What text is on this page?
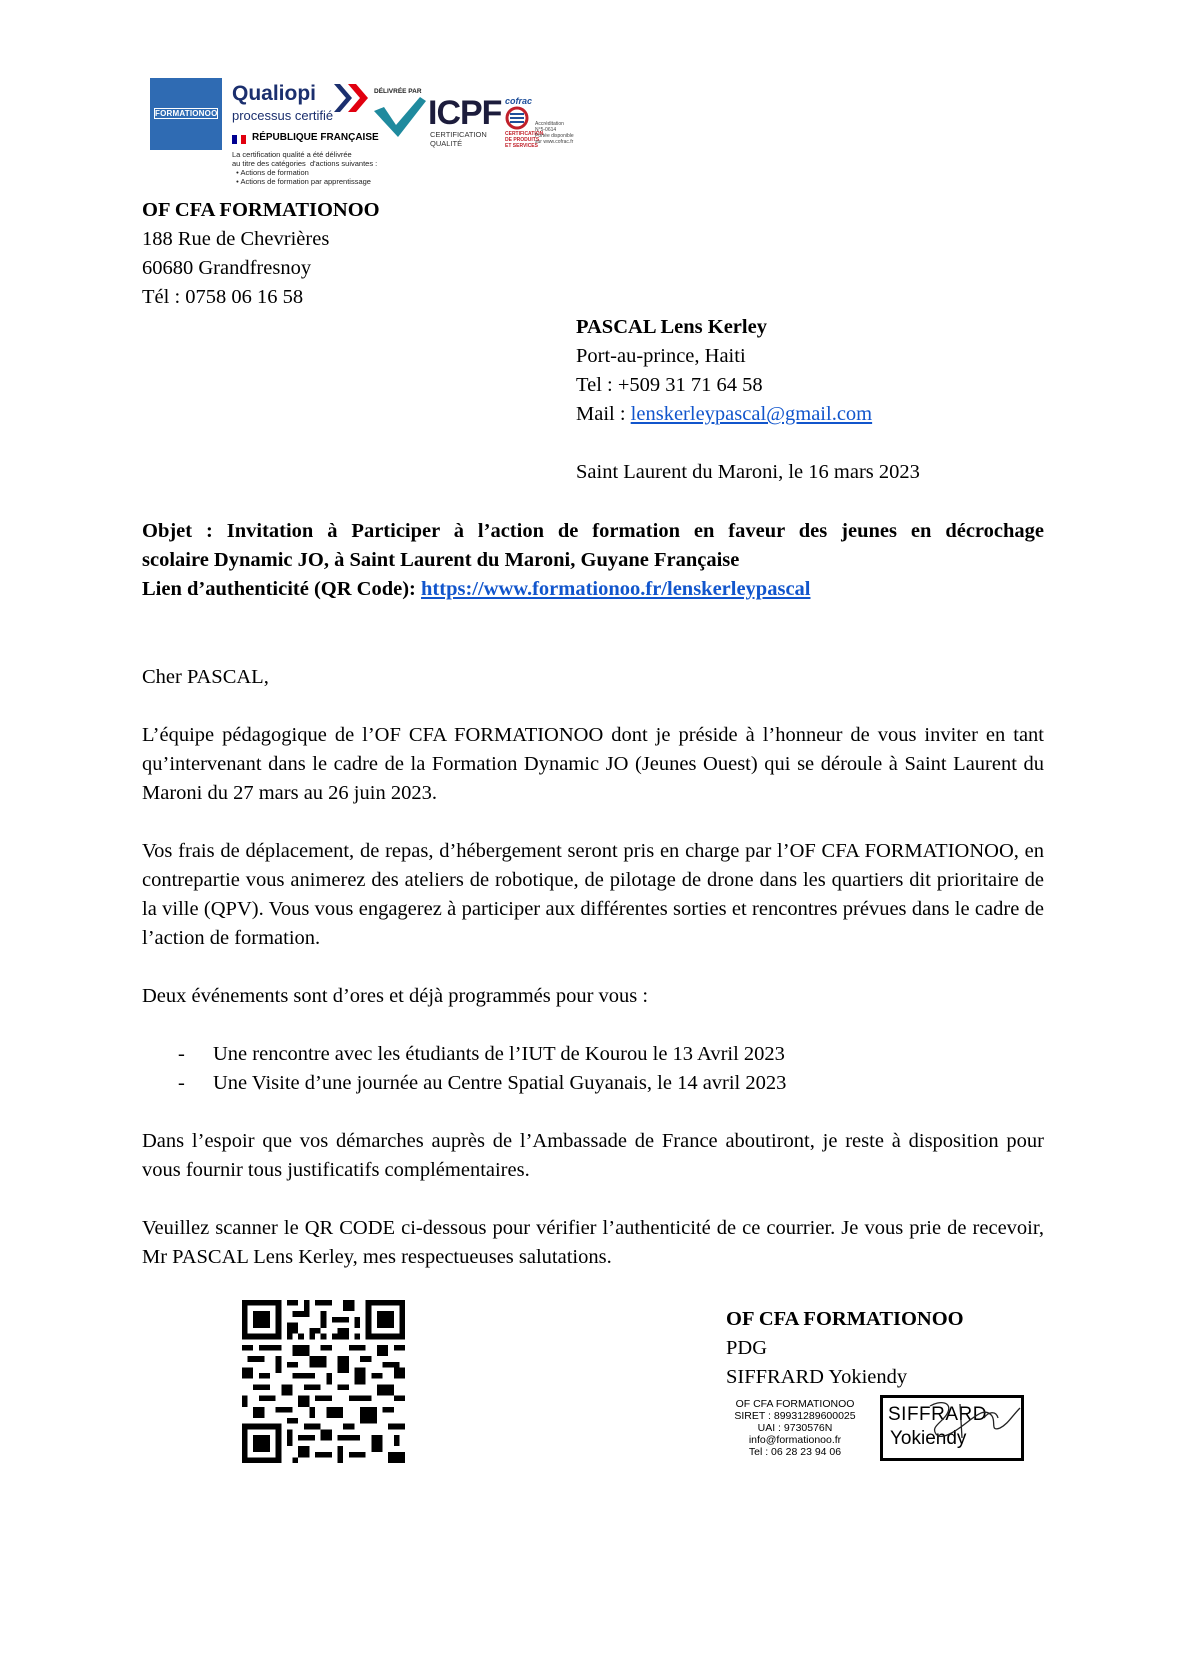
FORMATIONOO
Qualiopi
processus certifié
RÉPUBLIQUE FRANÇAISE
La certification qualité a été délivrée
au titre des catégories  d'actions suivantes :
• Actions de formation
• Actions de formation par apprentissage
DÉLIVRÉE PAR
ICPF
CERTIFICATION
QUALITÉ
cofrac
CERTIFICATION
DE PRODUITS
ET SERVICES
Accréditation
N°5-0614
Portée disponible
sur www.cofrac.fr
OF CFA FORMATIONOO
188 Rue de Chevrières
60680 Grandfresnoy
Tél : 0758 06 16 58
PASCAL Lens Kerley
Port-au-prince, Haiti
Tel : +509 31 71 64 58
Mail : lenskerleypascal@gmail.com
Saint Laurent du Maroni, le 16 mars 2023
Objet : Invitation à Participer à l’action de formation en faveur des jeunes en décrochage
scolaire Dynamic JO, à Saint Laurent du Maroni, Guyane Française
Lien d’authenticité (QR Code): https://www.formationoo.fr/lenskerleypascal
Cher PASCAL,
L’équipe pédagogique de l’OF CFA FORMATIONOO dont je préside à l’honneur de vous inviter en tant qu’intervenant dans le cadre de la Formation Dynamic JO (Jeunes Ouest) qui se déroule à Saint Laurent du Maroni du 27 mars au 26 juin 2023.
Vos frais de déplacement, de repas, d’hébergement seront pris en charge par l’OF CFA FORMATIONOO, en contrepartie vous animerez des ateliers de robotique, de pilotage de drone dans les quartiers dit prioritaire de la ville (QPV). Vous vous engagerez à participer aux différentes sorties et rencontres prévues dans le cadre de l’action de formation.
Deux événements sont d’ores et déjà programmés pour vous :
- Une rencontre avec les étudiants de l’IUT de Kourou le 13 Avril 2023
- Une Visite d’une journée au Centre Spatial Guyanais, le 14 avril 2023
Dans l’espoir que vos démarches auprès de l’Ambassade de France aboutiront, je reste à disposition pour vous fournir tous justificatifs complémentaires.
Veuillez scanner le QR CODE ci-dessous pour vérifier l’authenticité de ce courrier. Je vous prie de recevoir, Mr PASCAL Lens Kerley, mes respectueuses salutations.
OF CFA FORMATIONOO
PDG
SIFFRARD Yokiendy
OF CFA FORMATIONOO
SIRET : 89931289600025
UAI : 9730576N
info@formationoo.fr
Tel : 06 28 23 94 06
SIFFRARD
Yokiendy
